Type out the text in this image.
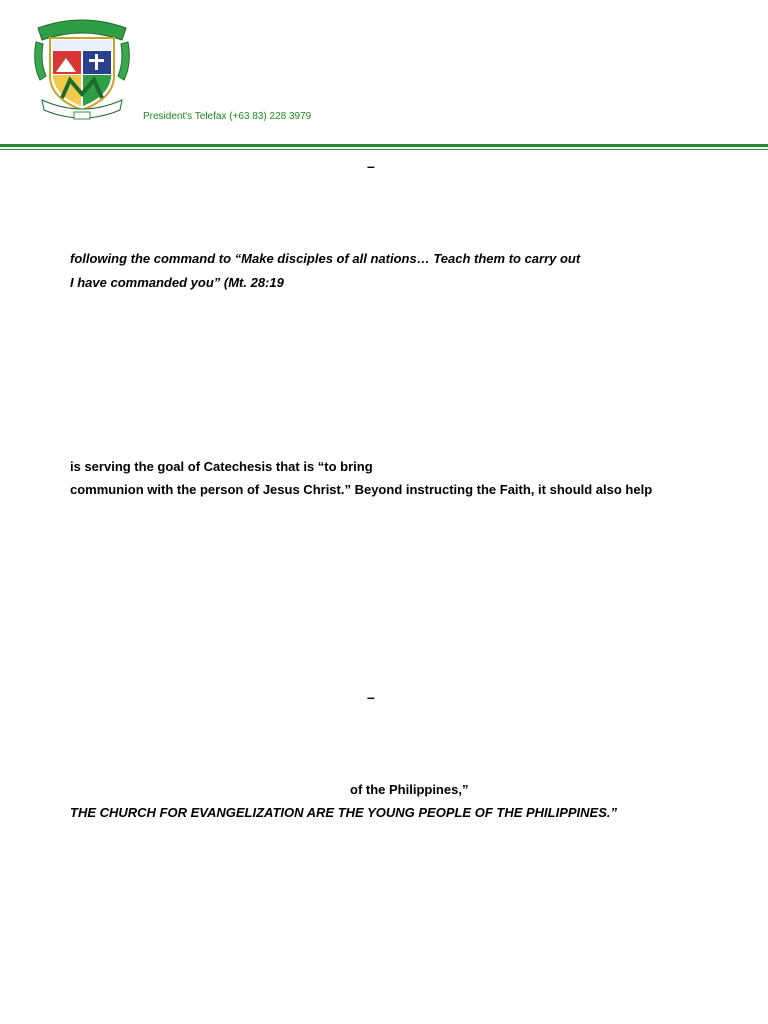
President's Telefax (+63 83) 228 3979
–
following the command to “Make disciples of all nations… Teach them to carry out
I have commanded you” (Mt. 28:19
is serving the goal of Catechesis that is “to bring
communion with the person of Jesus Christ.” Beyond instructing the Faith, it should also help
–
of the Philippines,”
THE CHURCH FOR EVANGELIZATION ARE THE YOUNG PEOPLE OF THE PHILIPPINES.”
